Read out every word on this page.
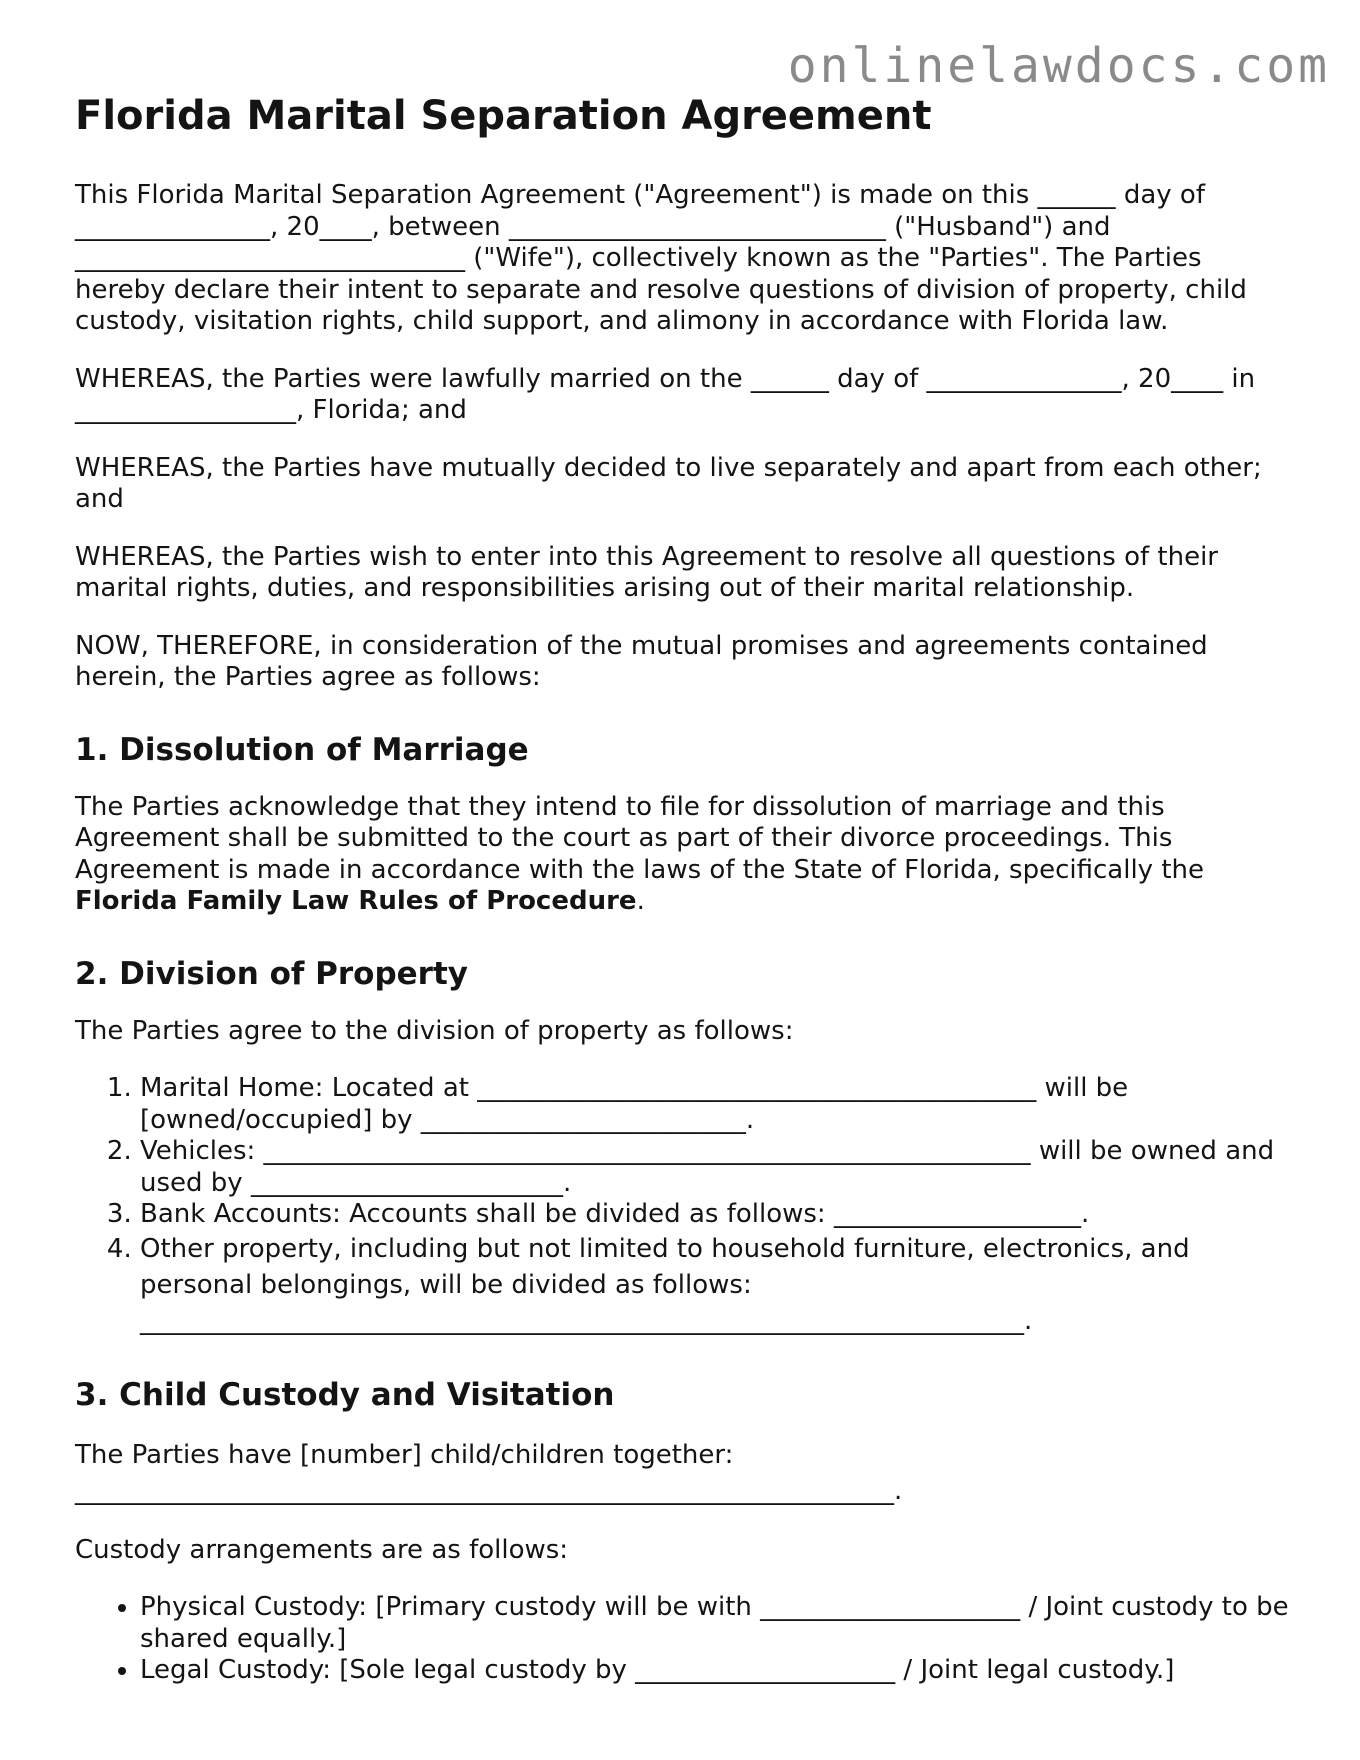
onlinelawdocs.com
Florida Marital Separation Agreement

This Florida Marital Separation Agreement ("Agreement") is made on this ______ day of _______________, 20____, between _____________________________ ("Husband") and ______________________________ ("Wife"), collectively known as the "Parties". The Parties hereby declare their intent to separate and resolve questions of division of property, child custody, visitation rights, child support, and alimony in accordance with Florida law.

WHEREAS, the Parties were lawfully married on the ______ day of _______________, 20____ in _________________, Florida; and

WHEREAS, the Parties have mutually decided to live separately and apart from each other; and

WHEREAS, the Parties wish to enter into this Agreement to resolve all questions of their marital rights, duties, and responsibilities arising out of their marital relationship.

NOW, THEREFORE, in consideration of the mutual promises and agreements contained herein, the Parties agree as follows:

1. Dissolution of Marriage

The Parties acknowledge that they intend to file for dissolution of marriage and this Agreement shall be submitted to the court as part of their divorce proceedings. This Agreement is made in accordance with the laws of the State of Florida, specifically the Florida Family Law Rules of Procedure.

2. Division of Property

The Parties agree to the division of property as follows:

1. Marital Home: Located at ___________________________________________ will be [owned/occupied] by _________________________.
2. Vehicles: ___________________________________________________________ will be owned and used by ________________________.
3. Bank Accounts: Accounts shall be divided as follows: ___________________.
4. Other property, including but not limited to household furniture, electronics, and personal belongings, will be divided as follows: ____________________________________________________________________.
3. Child Custody and Visitation

The Parties have [number] child/children together: _______________________________________________________________.

Custody arrangements are as follows:

• Physical Custody: [Primary custody will be with ____________________ / Joint custody to be shared equally.]
• Legal Custody: [Sole legal custody by ____________________ / Joint legal custody.]
